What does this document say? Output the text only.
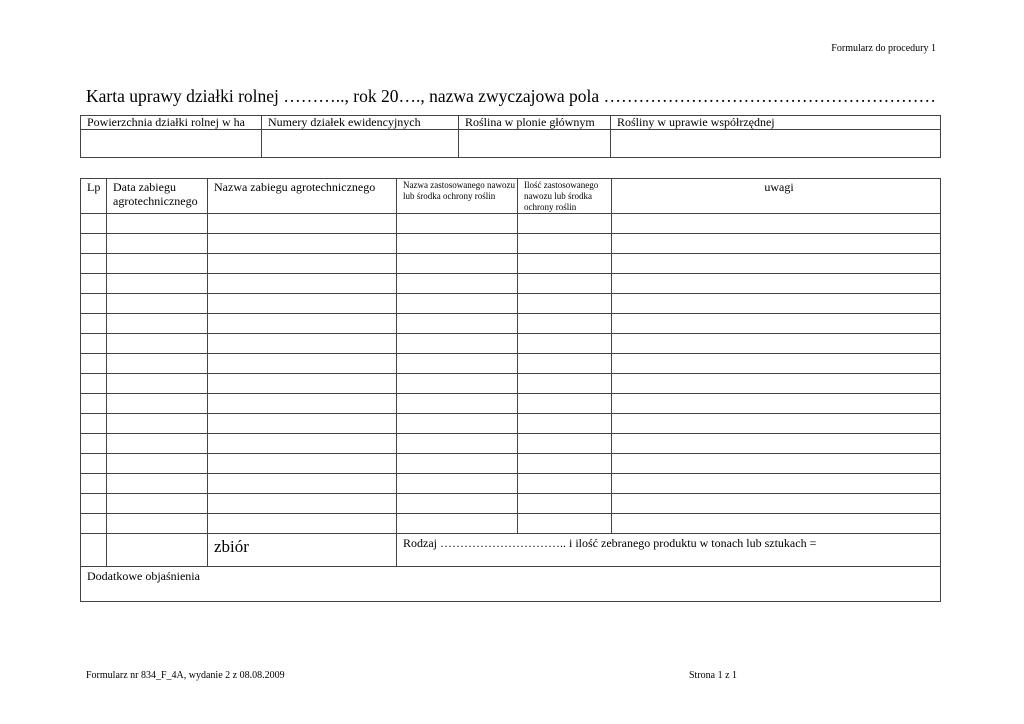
Formularz do procedury 1
Karta uprawy działki rolnej ……….., rok 20…., nazwa zwyczajowa pola …………………………………………………
Powierzchnia działki rolnej w ha	Numery działek ewidencyjnych	Roślina w plonie głównym	Rośliny w uprawie współrzędnej

Lp	Data zabiegu agrotechnicznego	Nazwa zabiegu agrotechnicznego	Nazwa zastosowanego nawozu lub środka ochrony roślin	Ilość zastosowanego nawozu lub środka ochrony roślin	uwagi

		zbiór	Rodzaj ………………………….. i ilość zebranego produktu w tonach lub sztukach =		
Dodatkowe objaśnienia					
Formularz nr 834_F_4A, wydanie 2 z 08.08.2009	Strona 1 z 1
